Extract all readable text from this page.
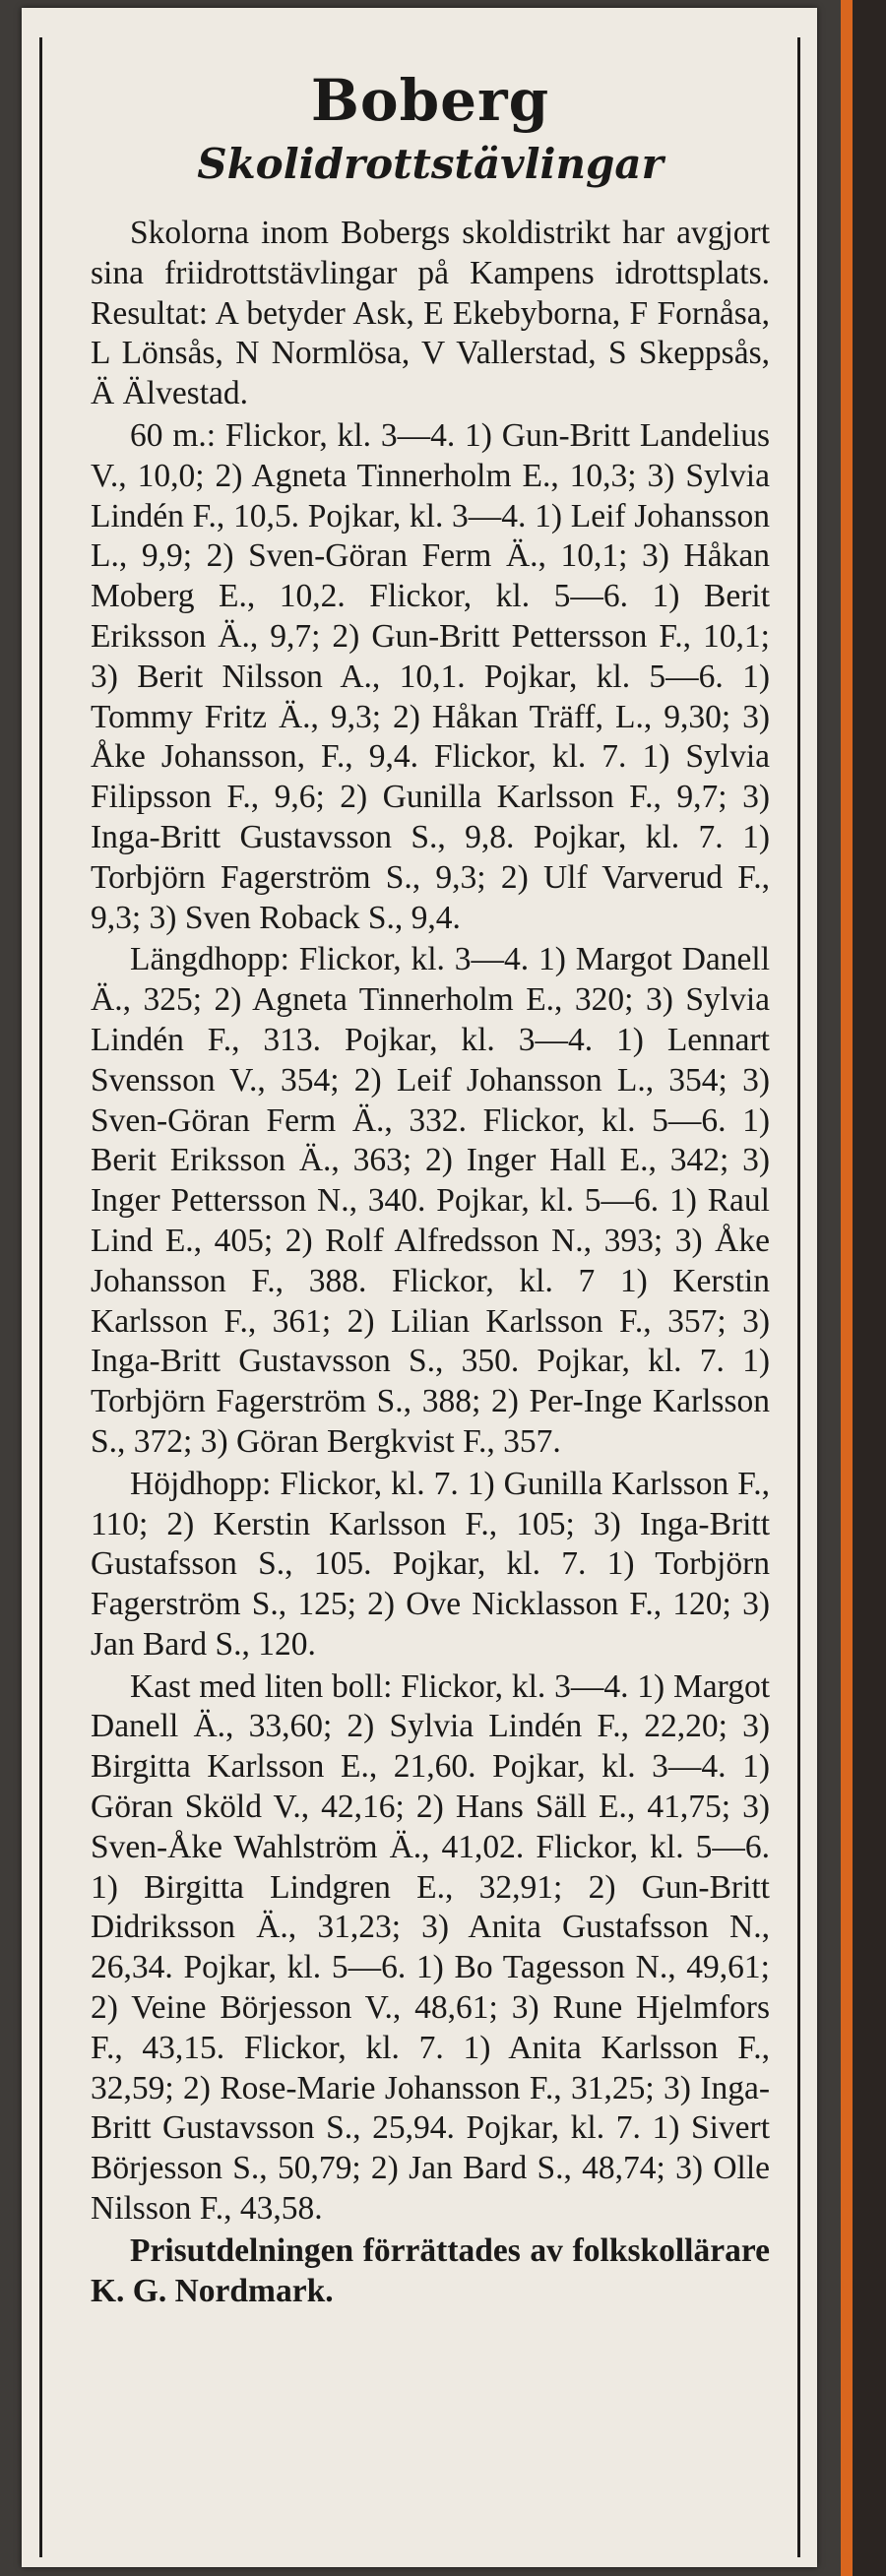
Boberg
Skolidrottstävlingar

Skolorna inom Bobergs skoldistrikt har avgjort sina friidrottstävlingar på Kampens idrottsplats. Resultat: A betyder Ask, E Ekebyborna, F Fornåsa, L Lönsås, N Normlösa, V Vallerstad, S Skeppsås, Ä Älvestad.

60 m.: Flickor, kl. 3—4. 1) Gun-Britt Landelius V., 10,0; 2) Agneta Tinnerholm E., 10,3; 3) Sylvia Lindén F., 10,5. Pojkar, kl. 3—4. 1) Leif Johansson L., 9,9; 2) Sven-Göran Ferm Ä., 10,1; 3) Håkan Moberg E., 10,2. Flickor, kl. 5—6. 1) Berit Eriksson Ä., 9,7; 2) Gun-Britt Pettersson F., 10,1; 3) Berit Nilsson A., 10,1. Pojkar, kl. 5—6. 1) Tommy Fritz Ä., 9,3; 2) Håkan Träff, L., 9,30; 3) Åke Johansson, F., 9,4. Flickor, kl. 7. 1) Sylvia Filipsson F., 9,6; 2) Gunilla Karlsson F., 9,7; 3) Inga-Britt Gustavsson S., 9,8. Pojkar, kl. 7. 1) Torbjörn Fagerström S., 9,3; 2) Ulf Varverud F., 9,3; 3) Sven Roback S., 9,4.

Längdhopp: Flickor, kl. 3—4. 1) Margot Danell Ä., 325; 2) Agneta Tinnerholm E., 320; 3) Sylvia Lindén F., 313. Pojkar, kl. 3—4. 1) Lennart Svensson V., 354; 2) Leif Johansson L., 354; 3) Sven-Göran Ferm Ä., 332. Flickor, kl. 5—6. 1) Berit Eriksson Ä., 363; 2) Inger Hall E., 342; 3) Inger Pettersson N., 340. Pojkar, kl. 5—6. 1) Raul Lind E., 405; 2) Rolf Alfredsson N., 393; 3) Åke Johansson F., 388. Flickor, kl. 7 1) Kerstin Karlsson F., 361; 2) Lilian Karlsson F., 357; 3) Inga-Britt Gustavsson S., 350. Pojkar, kl. 7. 1) Torbjörn Fagerström S., 388; 2) Per-Inge Karlsson S., 372; 3) Göran Bergkvist F., 357.

Höjdhopp: Flickor, kl. 7. 1) Gunilla Karlsson F., 110; 2) Kerstin Karlsson F., 105; 3) Inga-Britt Gustafsson S., 105. Pojkar, kl. 7. 1) Torbjörn Fagerström S., 125; 2) Ove Nicklasson F., 120; 3) Jan Bard S., 120.

Kast med liten boll: Flickor, kl. 3—4. 1) Margot Danell Ä., 33,60; 2) Sylvia Lindén F., 22,20; 3) Birgitta Karlsson E., 21,60. Pojkar, kl. 3—4. 1) Göran Sköld V., 42,16; 2) Hans Säll E., 41,75; 3) Sven-Åke Wahlström Ä., 41,02. Flickor, kl. 5—6. 1) Birgitta Lindgren E., 32,91; 2) Gun-Britt Didriksson Ä., 31,23; 3) Anita Gustafsson N., 26,34. Pojkar, kl. 5—6. 1) Bo Tagesson N., 49,61; 2) Veine Börjesson V., 48,61; 3) Rune Hjelmfors F., 43,15. Flickor, kl. 7. 1) Anita Karlsson F., 32,59; 2) Rose-Marie Johansson F., 31,25; 3) Inga-Britt Gustavsson S., 25,94. Pojkar, kl. 7. 1) Sivert Börjesson S., 50,79; 2) Jan Bard S., 48,74; 3) Olle Nilsson F., 43,58.

Prisutdelningen förrättades av folkskollärare K. G. Nordmark.
